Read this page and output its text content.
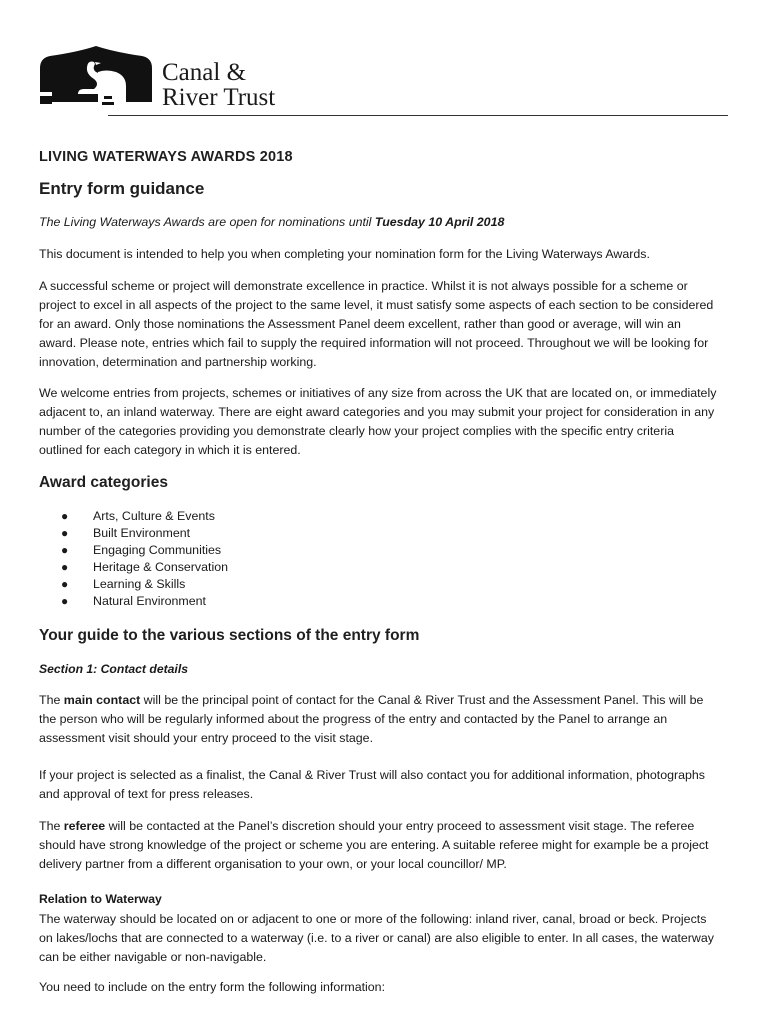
Canal &
River Trust
LIVING WATERWAYS AWARDS 2018
Entry form guidance
The Living Waterways Awards are open for nominations until Tuesday 10 April 2018
This document is intended to help you when completing your nomination form for the Living Waterways Awards.
A successful scheme or project will demonstrate excellence in practice. Whilst it is not always possible for a scheme or project to excel in all aspects of the project to the same level, it must satisfy some aspects of each section to be considered for an award. Only those nominations the Assessment Panel deem excellent, rather than good or average, will win an award. Please note, entries which fail to supply the required information will not proceed. Throughout we will be looking for innovation, determination and partnership working.
We welcome entries from projects, schemes or initiatives of any size from across the UK that are located on, or immediately adjacent to, an inland waterway. There are eight award categories and you may submit your project for consideration in any number of the categories providing you demonstrate clearly how your project complies with the specific entry criteria outlined for each category in which it is entered.
Award categories
● Arts, Culture & Events
● Built Environment
● Engaging Communities
● Heritage & Conservation
● Learning & Skills
● Natural Environment
Your guide to the various sections of the entry form
Section 1: Contact details
The main contact will be the principal point of contact for the Canal & River Trust and the Assessment Panel. This will be the person who will be regularly informed about the progress of the entry and contacted by the Panel to arrange an assessment visit should your entry proceed to the visit stage.
If your project is selected as a finalist, the Canal & River Trust will also contact you for additional information, photographs and approval of text for press releases.
The referee will be contacted at the Panel’s discretion should your entry proceed to assessment visit stage. The referee should have strong knowledge of the project or scheme you are entering. A suitable referee might for example be a project delivery partner from a different organisation to your own, or your local councillor/ MP.
Relation to Waterway
The waterway should be located on or adjacent to one or more of the following: inland river, canal, broad or beck. Projects on lakes/lochs that are connected to a waterway (i.e. to a river or canal) are also eligible to enter. In all cases, the waterway can be either navigable or non-navigable.
You need to include on the entry form the following information:
